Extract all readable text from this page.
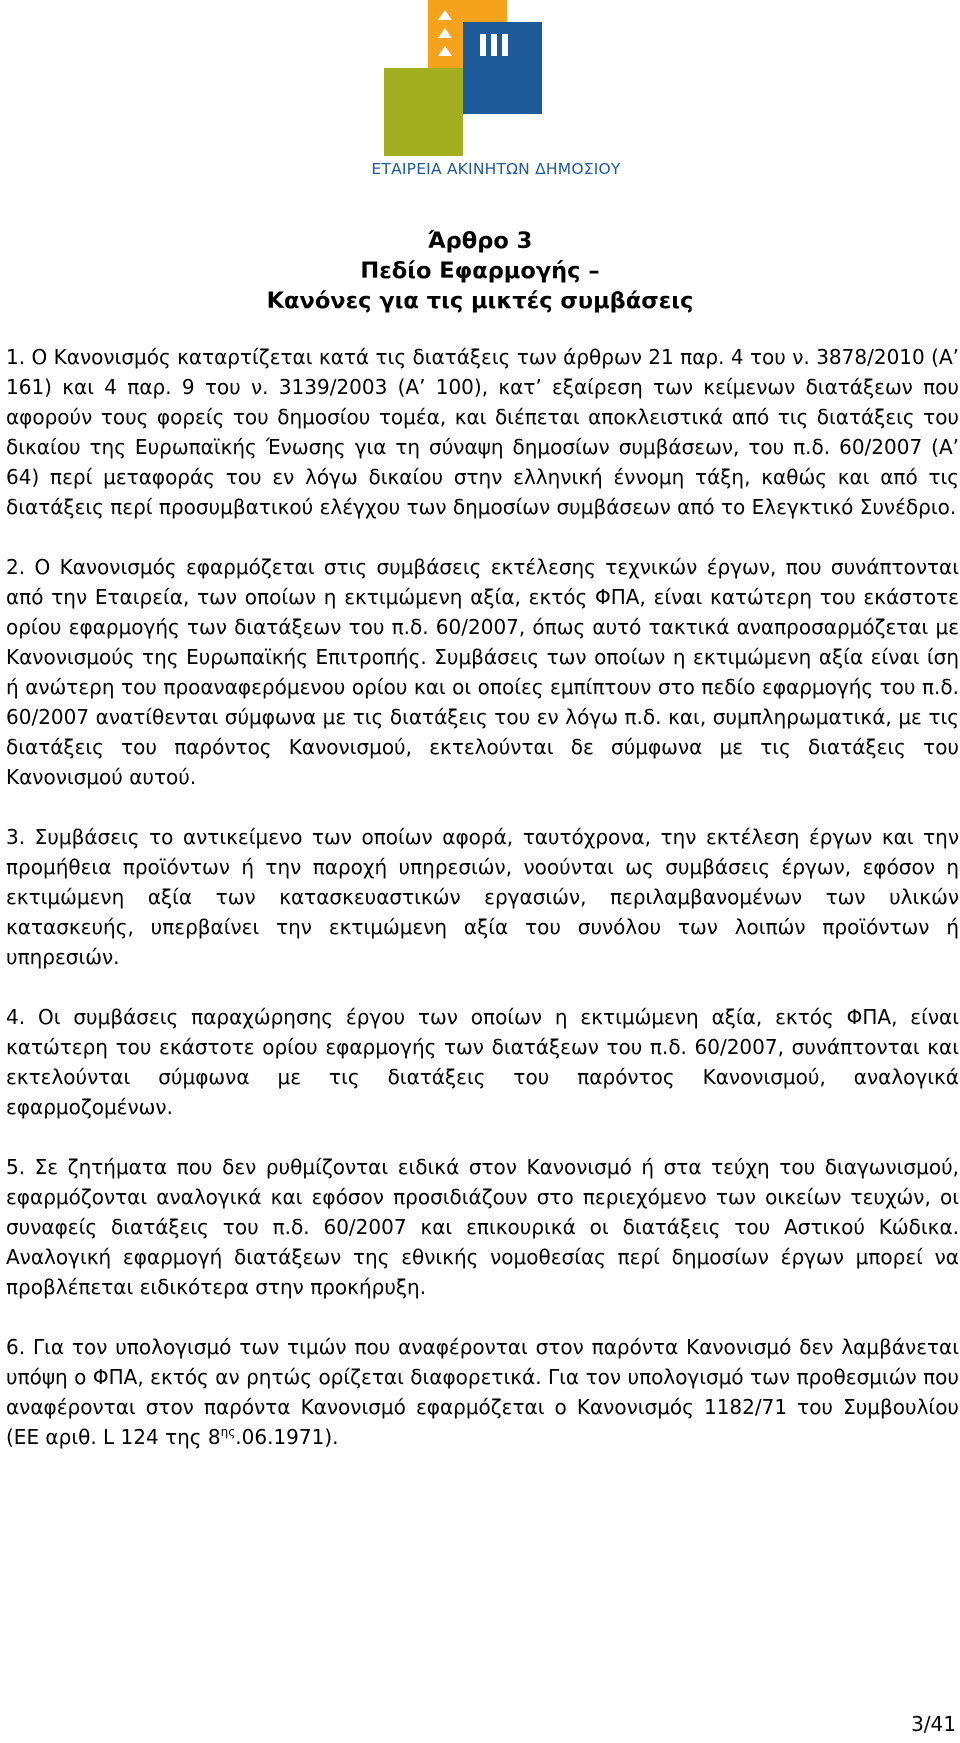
ΕΤΑΙΡΕΙΑ ΑΚΙΝΗΤΩΝ ΔΗΜΟΣΙΟΥ
Άρθρο 3
Πεδίο Εφαρμογής –
Κανόνες για τις μικτές συμβάσεις

1. Ο Κανονισμός καταρτίζεται κατά τις διατάξεις των άρθρων 21 παρ. 4 του ν. 3878/2010 (Α’ 161) και 4 παρ. 9 του ν. 3139/2003 (Α’ 100), κατ’ εξαίρεση των κείμενων διατάξεων που αφορούν τους φορείς του δημοσίου τομέα, και διέπεται αποκλειστικά από τις διατάξεις του δικαίου της Ευρωπαϊκής Ένωσης για τη σύναψη δημοσίων συμβάσεων, του π.δ. 60/2007 (Α’ 64) περί μεταφοράς του εν λόγω δικαίου στην ελληνική έννομη τάξη, καθώς και από τις διατάξεις περί προσυμβατικού ελέγχου των δημοσίων συμβάσεων από το Ελεγκτικό Συνέδριο.

2. Ο Κανονισμός εφαρμόζεται στις συμβάσεις εκτέλεσης τεχνικών έργων, που συνάπτονται από την Εταιρεία, των οποίων η εκτιμώμενη αξία, εκτός ΦΠΑ, είναι κατώτερη του εκάστοτε ορίου εφαρμογής των διατάξεων του π.δ. 60/2007, όπως αυτό τακτικά αναπροσαρμόζεται με Κανονισμούς της Ευρωπαϊκής Επιτροπής. Συμβάσεις των οποίων η εκτιμώμενη αξία είναι ίση ή ανώτερη του προαναφερόμενου ορίου και οι οποίες εμπίπτουν στο πεδίο εφαρμογής του π.δ. 60/2007 ανατίθενται σύμφωνα με τις διατάξεις του εν λόγω π.δ. και, συμπληρωματικά, με τις διατάξεις του παρόντος Κανονισμού, εκτελούνται δε σύμφωνα με τις διατάξεις του Κανονισμού αυτού.

3. Συμβάσεις το αντικείμενο των οποίων αφορά, ταυτόχρονα, την εκτέλεση έργων και την προμήθεια προϊόντων ή την παροχή υπηρεσιών, νοούνται ως συμβάσεις έργων, εφόσον η εκτιμώμενη αξία των κατασκευαστικών εργασιών, περιλαμβανομένων των υλικών κατασκευής, υπερβαίνει την εκτιμώμενη αξία του συνόλου των λοιπών προϊόντων ή υπηρεσιών.

4. Οι συμβάσεις παραχώρησης έργου των οποίων η εκτιμώμενη αξία, εκτός ΦΠΑ, είναι κατώτερη του εκάστοτε ορίου εφαρμογής των διατάξεων του π.δ. 60/2007, συνάπτονται και εκτελούνται σύμφωνα με τις διατάξεις του παρόντος Κανονισμού, αναλογικά εφαρμοζομένων.

5. Σε ζητήματα που δεν ρυθμίζονται ειδικά στον Κανονισμό ή στα τεύχη του διαγωνισμού, εφαρμόζονται αναλογικά και εφόσον προσιδιάζουν στο περιεχόμενο των οικείων τευχών, οι συναφείς διατάξεις του π.δ. 60/2007 και επικουρικά οι διατάξεις του Αστικού Κώδικα. Αναλογική εφαρμογή διατάξεων της εθνικής νομοθεσίας περί δημοσίων έργων μπορεί να προβλέπεται ειδικότερα στην προκήρυξη.

6. Για τον υπολογισμό των τιμών που αναφέρονται στον παρόντα Κανονισμό δεν λαμβάνεται υπόψη ο ΦΠΑ, εκτός αν ρητώς ορίζεται διαφορετικά. Για τον υπολογισμό των προθεσμιών που αναφέρονται στον παρόντα Κανονισμό εφαρμόζεται ο Κανονισμός 1182/71 του Συμβουλίου (ΕΕ αριθ. L 124 της $8^{\eta\varsigma}.06.1971$).

3/41
